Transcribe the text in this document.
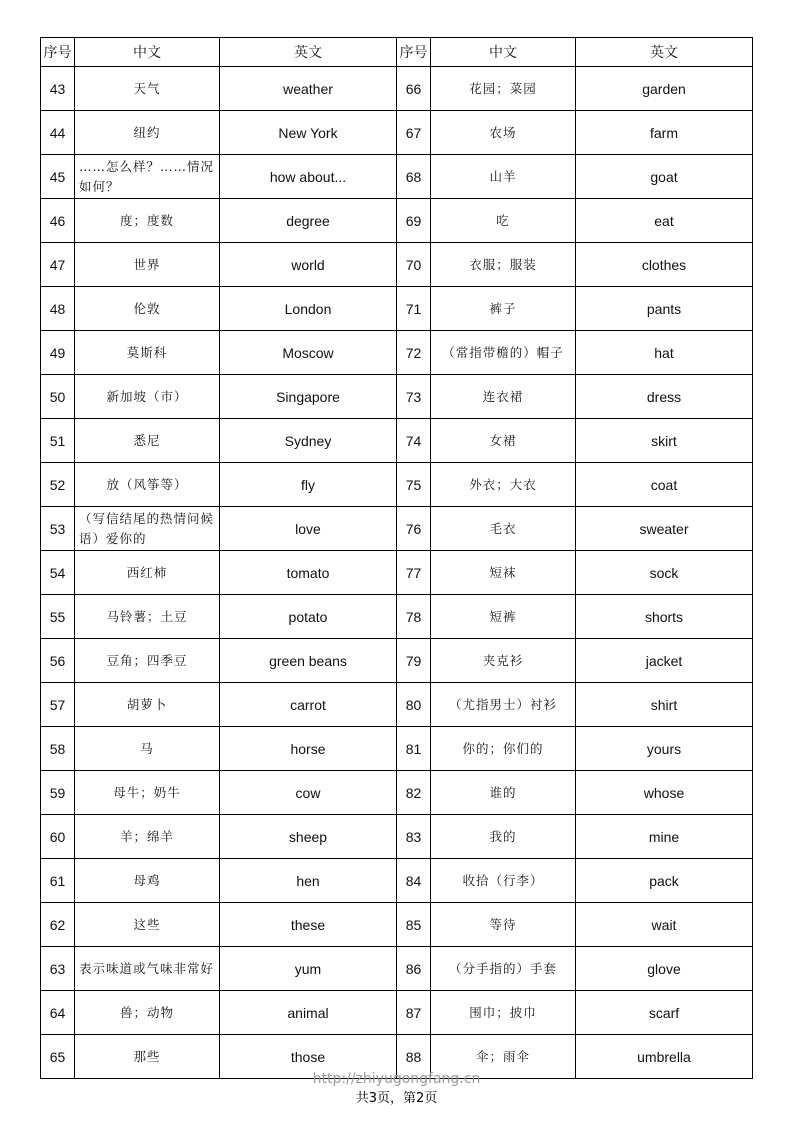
序号	中文	英文	序号	中文	英文
43	天气	weather	66	花园；菜园	garden
44	纽约	New York	67	农场	farm
45	……怎么样？……情况如何？	how about...	68	山羊	goat
46	度；度数	degree	69	吃	eat
47	世界	world	70	衣服；服装	clothes
48	伦敦	London	71	裤子	pants
49	莫斯科	Moscow	72	（常指带檐的）帽子	hat
50	新加坡（市）	Singapore	73	连衣裙	dress
51	悉尼	Sydney	74	女裙	skirt
52	放（风筝等）	fly	75	外衣；大衣	coat
53	（写信结尾的热情问候语）爱你的	love	76	毛衣	sweater
54	西红柿	tomato	77	短袜	sock
55	马铃薯；土豆	potato	78	短裤	shorts
56	豆角；四季豆	green beans	79	夹克衫	jacket
57	胡萝卜	carrot	80	（尤指男士）衬衫	shirt
58	马	horse	81	你的；你们的	yours
59	母牛；奶牛	cow	82	谁的	whose
60	羊；绵羊	sheep	83	我的	mine
61	母鸡	hen	84	收拾（行李）	pack
62	这些	these	85	等待	wait
63	表示味道或气味非常好	yum	86	（分手指的）手套	glove
64	兽；动物	animal	87	围巾；披巾	scarf
65	那些	those	88	伞；雨伞	umbrella
http://zhiyugongfang.cn
共3页，第2页
